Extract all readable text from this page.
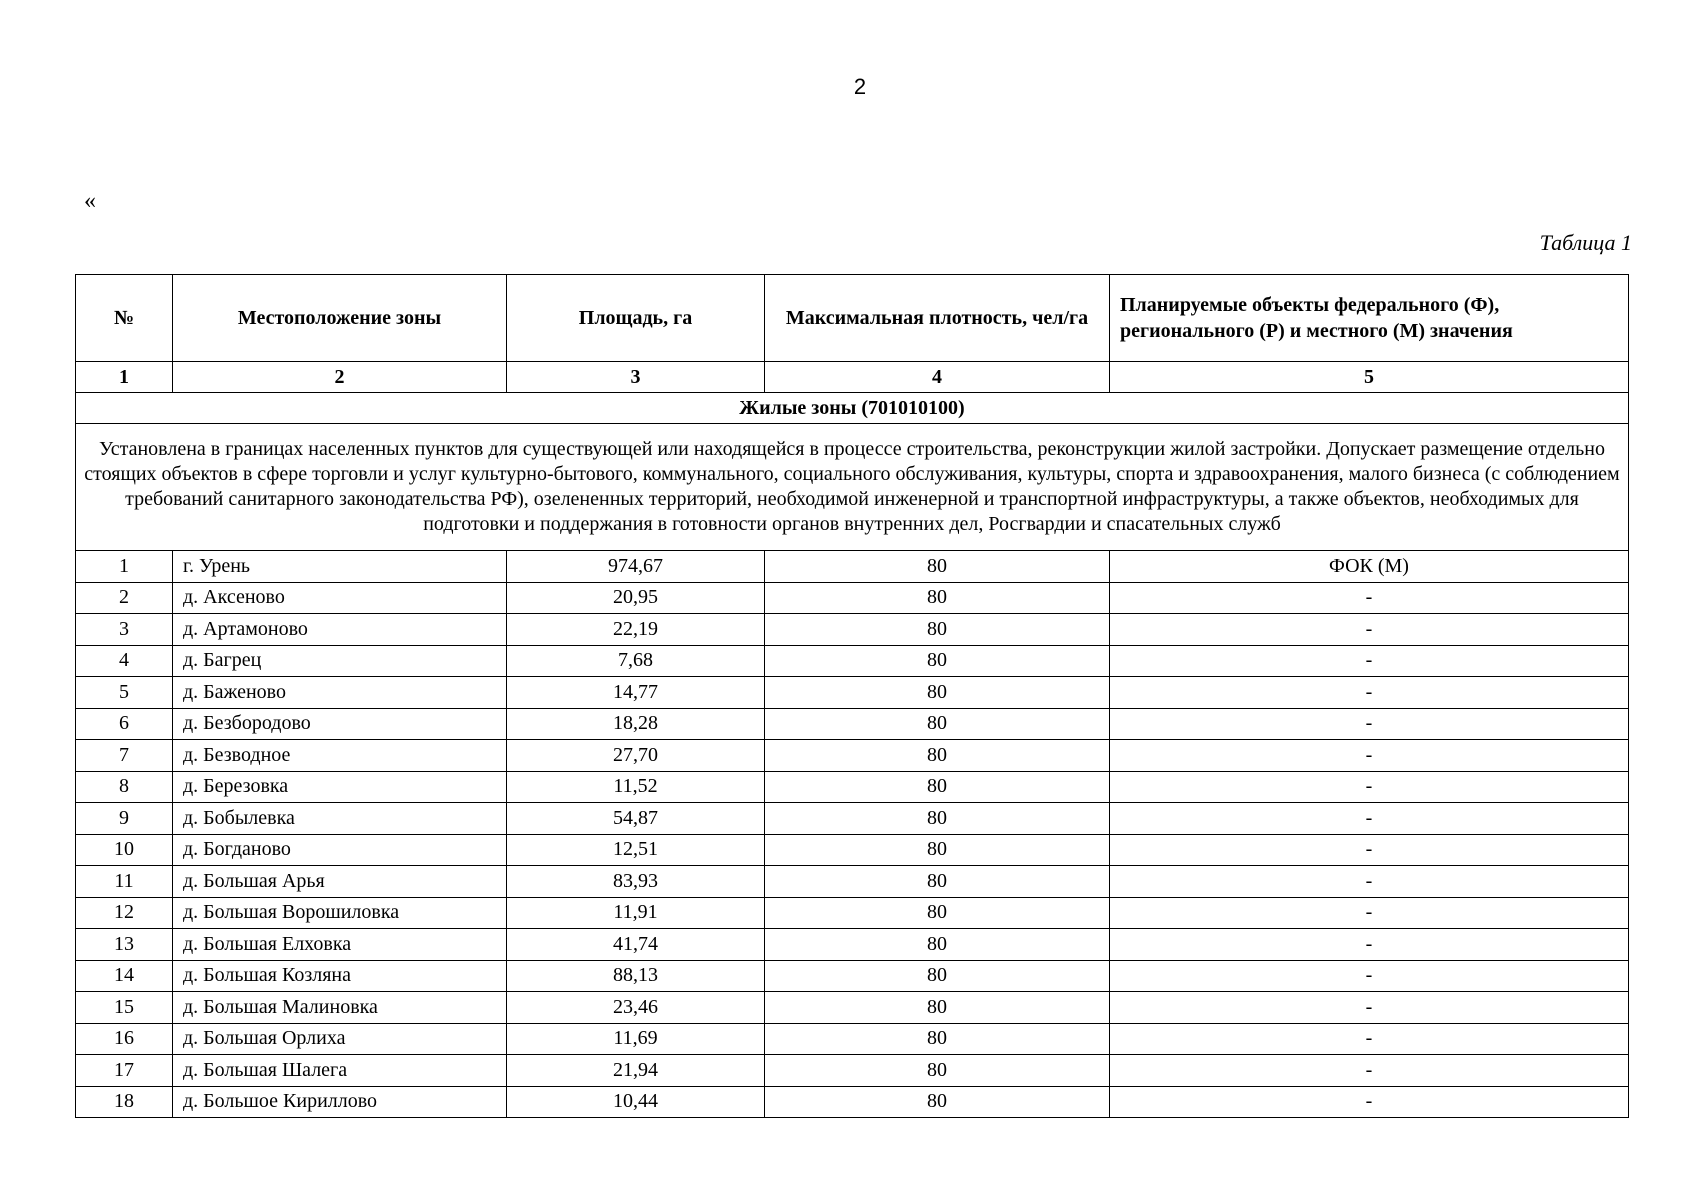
2
«
Таблица 1
№	Местоположение зоны	Площадь, га	Максимальная плотность, чел/га	Планируемые объекты федерального (Ф), регионального (Р) и местного (М) значения
1	2	3	4	5
Жилые зоны (701010100)				
Установлена в границах населенных пунктов для существующей или находящейся в процессе строительства, реконструкции жилой застройки. Допускает размещение отдельно стоящих объектов в сфере торговли и услуг культурно-бытового, коммунального, социального обслуживания, культуры, спорта и здравоохранения, малого бизнеса (с соблюдением требований санитарного законодательства РФ), озелененных территорий, необходимой инженерной и транспортной инфраструктуры, а также объектов, необходимых для подготовки и поддержания в готовности органов внутренних дел, Росгвардии и спасательных служб				
1	г. Урень	974,67	80	ФОК (М)
2	д. Аксеново	20,95	80	-
3	д. Артамоново	22,19	80	-
4	д. Багрец	7,68	80	-
5	д. Баженово	14,77	80	-
6	д. Безбородово	18,28	80	-
7	д. Безводное	27,70	80	-
8	д. Березовка	11,52	80	-
9	д. Бобылевка	54,87	80	-
10	д. Богданово	12,51	80	-
11	д. Большая Арья	83,93	80	-
12	д. Большая Ворошиловка	11,91	80	-
13	д. Большая Елховка	41,74	80	-
14	д. Большая Козляна	88,13	80	-
15	д. Большая Малиновка	23,46	80	-
16	д. Большая Орлиха	11,69	80	-
17	д. Большая Шалега	21,94	80	-
18	д. Большое Кириллово	10,44	80	-
